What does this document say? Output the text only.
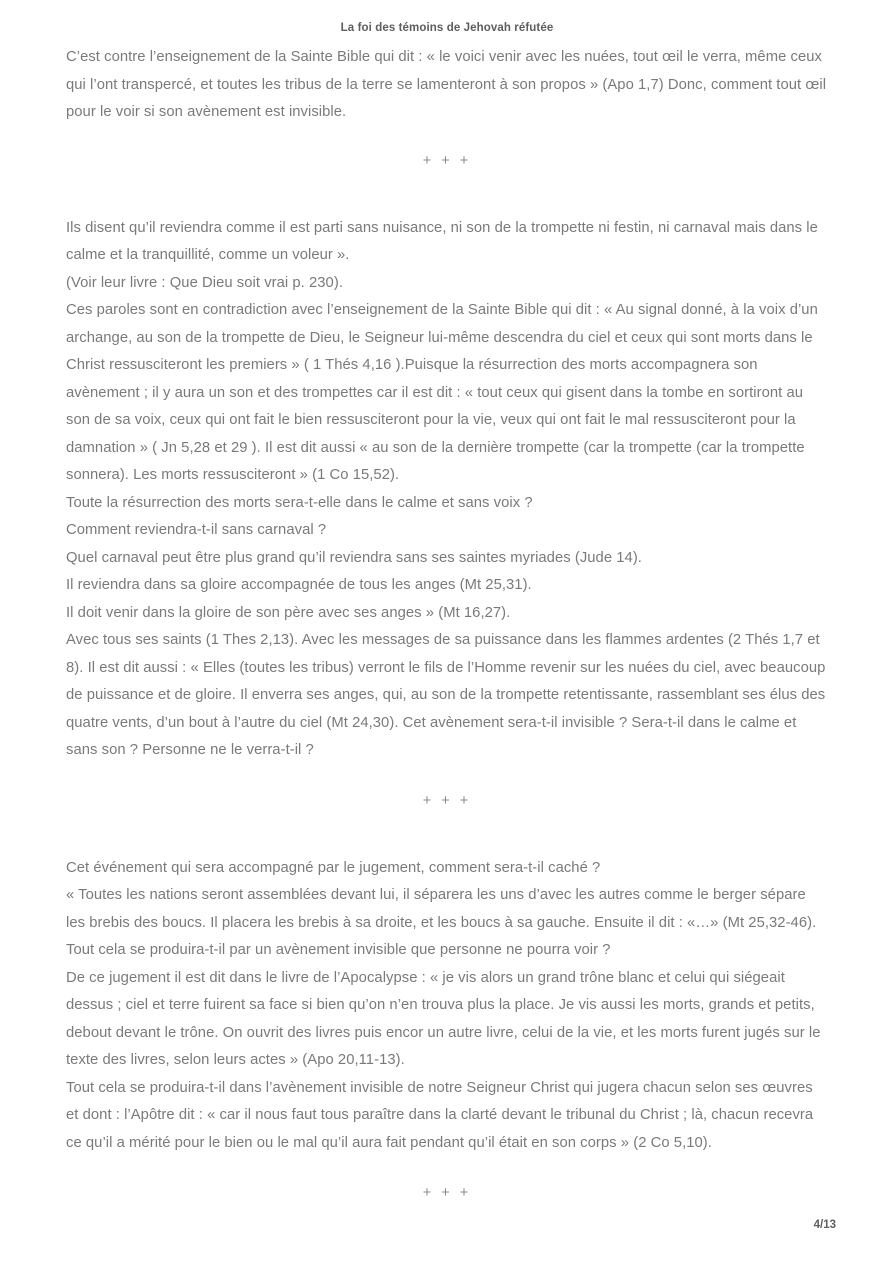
La foi des témoins de Jehovah réfutée

C’est contre l’enseignement de la Sainte Bible qui dit : « le voici venir avec les nuées, tout œil le verra, même ceux qui l’ont transpercé, et toutes les tribus de la terre se lamenteront à son propos » (Apo 1,7) Donc, comment tout œil pour le voir si son avènement est invisible.

+ + +

Ils disent qu’il reviendra comme il est parti sans nuisance, ni son de la trompette ni festin, ni carnaval mais dans le calme et la tranquillité, comme un voleur ».

(Voir leur livre : Que Dieu soit vrai p. 230).

Ces paroles sont en contradiction avec l’enseignement de la Sainte Bible qui dit : « Au signal donné, à la voix d’un archange, au son de la trompette de Dieu, le Seigneur lui-même descendra du ciel et ceux qui sont morts dans le Christ ressusciteront les premiers » ( 1 Thés 4,16 ).Puisque la résurrection des morts accompagnera son avènement ; il y aura un son et des trompettes car il est dit : « tout ceux qui gisent dans la tombe en sortiront au son de sa voix, ceux qui ont fait le bien ressusciteront pour la vie, veux qui ont fait le mal ressusciteront pour la damnation » ( Jn 5,28 et 29 ). Il est dit aussi « au son de la dernière trompette (car la trompette (car la trompette sonnera). Les morts ressusciteront » (1 Co 15,52).

Toute la résurrection des morts sera-t-elle dans le calme et sans voix ?

Comment reviendra-t-il sans carnaval ?

Quel carnaval peut être plus grand qu’il reviendra sans ses saintes myriades (Jude 14).

Il reviendra dans sa gloire accompagnée de tous les anges (Mt 25,31).

Il doit venir dans la gloire de son père avec ses anges » (Mt 16,27).

Avec tous ses saints (1 Thes 2,13). Avec les messages de sa puissance dans les flammes ardentes (2 Thés 1,7 et 8). Il est dit aussi : « Elles (toutes les tribus) verront le fils de l’Homme revenir sur les nuées du ciel, avec beaucoup de puissance et de gloire. Il enverra ses anges, qui, au son de la trompette retentissante, rassemblant ses élus des quatre vents, d’un bout à l’autre du ciel (Mt 24,30). Cet avènement sera-t-il invisible ? Sera-t-il dans le calme et sans son ? Personne ne le verra-t-il ?

+ + +

Cet événement qui sera accompagné par le jugement, comment sera-t-il caché ?

« Toutes les nations seront assemblées devant lui, il séparera les uns d’avec les autres comme le berger sépare les brebis des boucs. Il placera les brebis à sa droite, et les boucs à sa gauche. Ensuite il dit : «…» (Mt 25,32-46).

Tout cela se produira-t-il par un avènement invisible que personne ne pourra voir ?

De ce jugement il est dit dans le livre de l’Apocalypse : « je vis alors un grand trône blanc et celui qui siégeait dessus ; ciel et terre fuirent sa face si bien qu’on n’en trouva plus la place. Je vis aussi les morts, grands et petits, debout devant le trône. On ouvrit des livres puis encor un autre livre, celui de la vie, et les morts furent jugés sur le texte des livres, selon leurs actes » (Apo 20,11-13).

Tout cela se produira-t-il dans l’avènement invisible de notre Seigneur Christ qui jugera chacun selon ses œuvres et dont : l’Apôtre dit : « car il nous faut tous paraître dans la clarté devant le tribunal du Christ ; là, chacun recevra ce qu’il a mérité pour le bien ou le mal qu’il aura fait pendant qu’il était en son corps » (2 Co 5,10).

+ + +
4/13
